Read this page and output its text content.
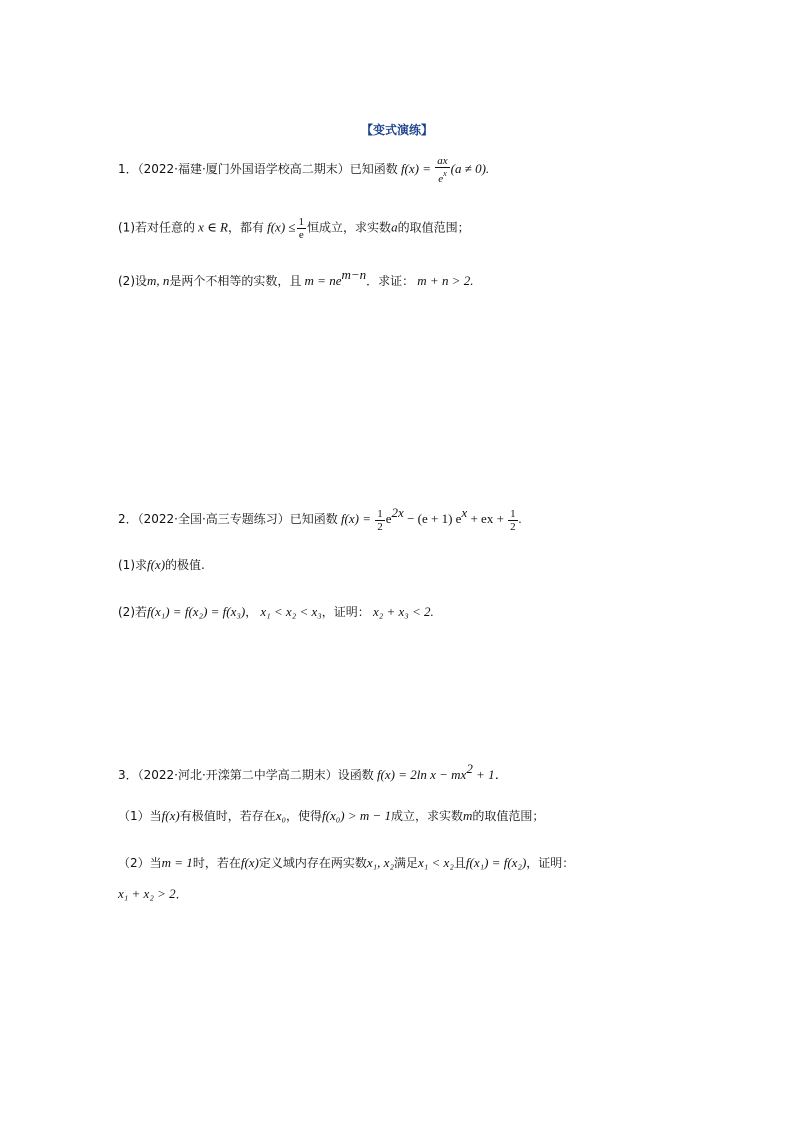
【变式演练】
1．（2022·福建·厦门外国语学校高二期末）已知函数 $f(x) = \frac{ax}{e^x} (a \ne 0)$.
(1)若对任意的 x ∈ R，都有 $f(x) \le \frac{1}{e}$ 恒成立，求实数a的取值范围；
(2)设m, n是两个不相等的实数，且 $m = ne^{m-n}$．求证： m + n > 2.
2．（2022·全国·高三专题练习）已知函数 $f(x) = \frac{1}{2} e^{2x} - (e + 1) e^x$ + ex + $\frac{1}{2}$ .
(1)求f(x)的极值.
(2)若f(x₁) = f(x₂) = f(x₃)， x₁ < x₂ < x₃，证明： x₂ + x₃ < 2.
3．（2022·河北·开滦第二中学高二期末）设函数 f(x) = 2ln $x - mx^2 + 1$．
（1）当f(x)有极值时，若存在x₀，使得f(x₀) > m − 1成立，求实数m的取值范围；
（2）当m = 1时，若在f(x)定义域内存在两实数x₁, x₂满足x₁ < x₂且f(x₁) = f(x₂)，证明：
x₁ + x₂ > 2．
